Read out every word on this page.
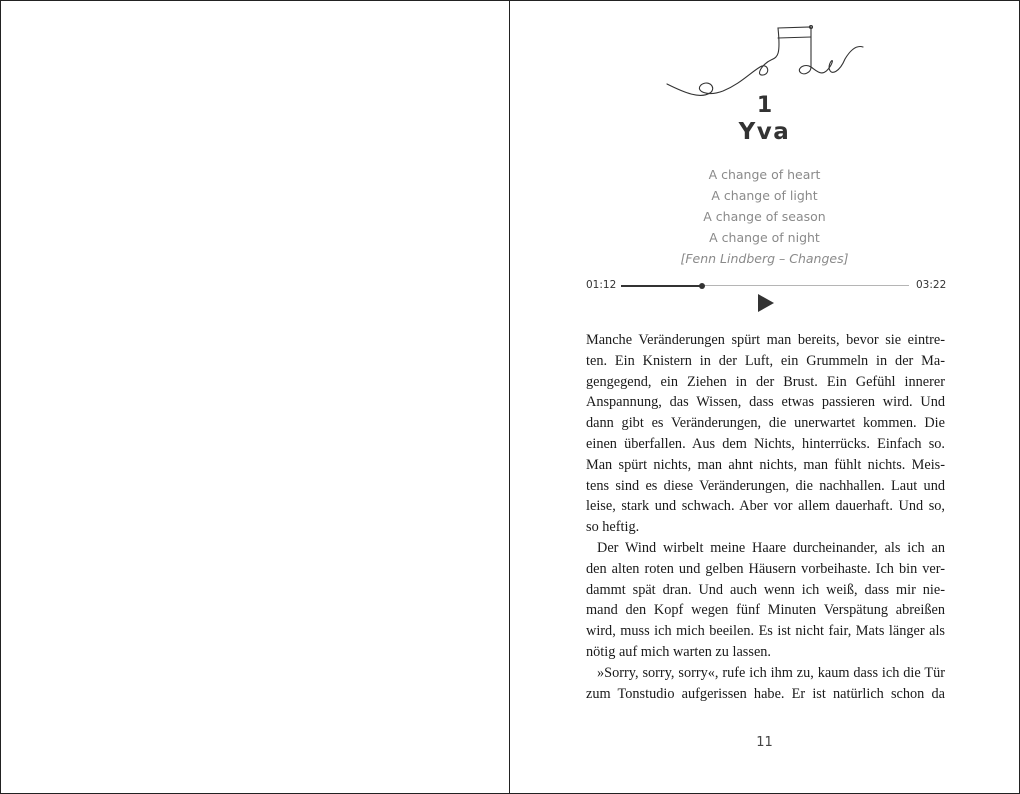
1
Yva
A change of heart
A change of light
A change of season
A change of night
[Fenn Lindberg – Changes]
01:12	03:22

Manche Veränderungen spürt man bereits, bevor sie eintre-

ten. Ein Knistern in der Luft, ein Grummeln in der Ma-

gengegend, ein Ziehen in der Brust. Ein Gefühl innerer

Anspannung, das Wissen, dass etwas passieren wird. Und

dann gibt es Veränderungen, die unerwartet kommen. Die

einen überfallen. Aus dem Nichts, hinterrücks. Einfach so.

Man spürt nichts, man ahnt nichts, man fühlt nichts. Meis-

tens sind es diese Veränderungen, die nachhallen. Laut und

leise, stark und schwach. Aber vor allem dauerhaft. Und so,

so heftig.

Der Wind wirbelt meine Haare durcheinander, als ich an

den alten roten und gelben Häusern vorbeihaste. Ich bin ver-

dammt spät dran. Und auch wenn ich weiß, dass mir nie-

mand den Kopf wegen fünf Minuten Verspätung abreißen

wird, muss ich mich beeilen. Es ist nicht fair, Mats länger als

nötig auf mich warten zu lassen.

»Sorry, sorry, sorry«, rufe ich ihm zu, kaum dass ich die Tür

zum Tonstudio aufgerissen habe. Er ist natürlich schon da

11
